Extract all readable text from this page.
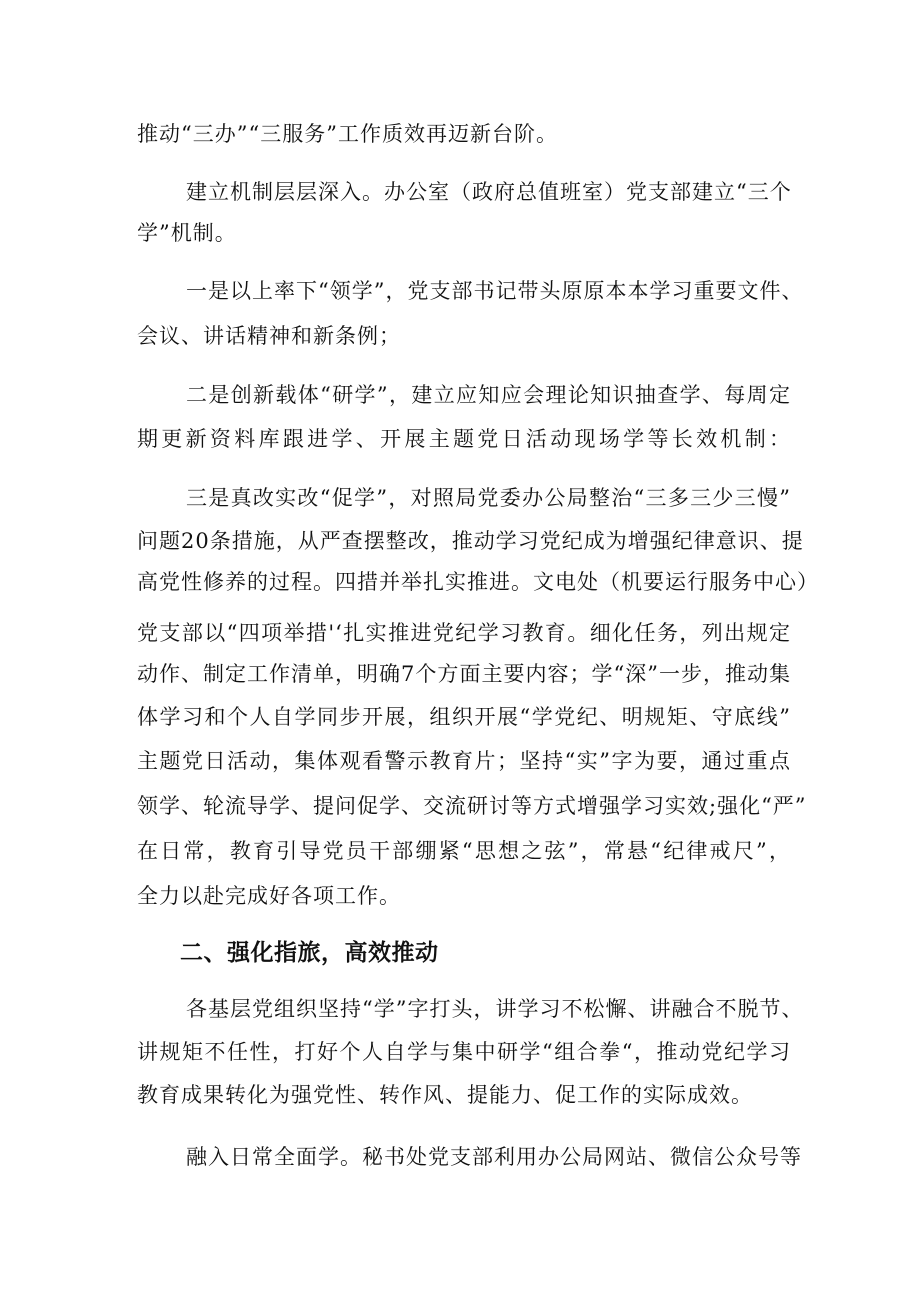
推动“三办”“三服务”工作质效再迈新台阶。
建立机制层层深入。办公室（政府总值班室）党支部建立“三个
学”机制。
一是以上率下“领学”，党支部书记带头原原本本学习重要文件、
会议、讲话精神和新条例；
二是创新载体“研学”，建立应知应会理论知识抽查学、每周定
期更新资料库跟进学、开展主题党日活动现场学等长效机制：
三是真改实改“促学”，对照局党委办公局整治“三多三少三慢”
问题20条措施，从严查摆整改，推动学习党纪成为增强纪律意识、提
高党性修养的过程。四措并举扎实推进。文电处（机要运行服务中心）
党支部以“四项举措'‘扎实推进党纪学习教育。细化任务，列出规定
动作、制定工作清单，明确7个方面主要内容；学“深”一步，推动集
体学习和个人自学同步开展，组织开展“学党纪、明规矩、守底线”
主题党日活动，集体观看警示教育片；坚持“实”字为要，通过重点
领学、轮流导学、提问促学、交流研讨等方式增强学习实效;强化“严”
在日常，教育引导党员干部绷紧“思想之弦”，常悬“纪律戒尺”，
全力以赴完成好各项工作。
二、强化指旅，高效推动
各基层党组织坚持“学”字打头，讲学习不松懈、讲融合不脱节、
讲规矩不任性，打好个人自学与集中研学“组合拳“，推动党纪学习
教育成果转化为强党性、转作风、提能力、促工作的实际成效。
融入日常全面学。秘书处党支部利用办公局网站、微信公众号等
